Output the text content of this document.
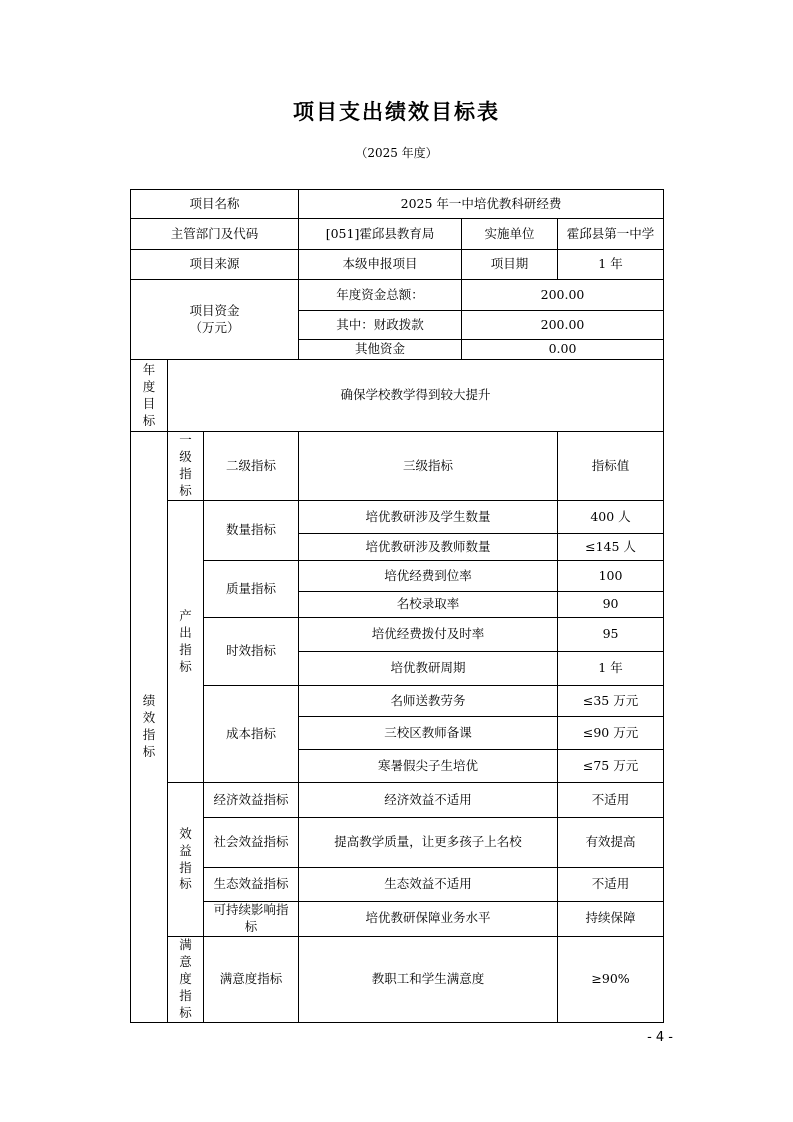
项目支出绩效目标表
（2025 年度）
项目名称			2025 年一中培优教科研经费		
主管部门及代码			[051]霍邱县教育局	实施单位	霍邱县第一中学
项目来源			本级申报项目	项目期	1 年
项目资金（万元）			年度资金总额：	200.00	
			其中：财政拨款	200.00	
			其他资金	0.00	
年度目标	确保学校教学得到较大提升				
绩效指标	一级指标	二级指标	三级指标		指标值
	产出指标	数量指标	培优教研涉及学生数量		400 人
			培优教研涉及教师数量		≤145 人
		质量指标	培优经费到位率		100
			名校录取率		90
		时效指标	培优经费拨付及时率		95
			培优教研周期		1 年
		成本指标	名师送教劳务		≤35 万元
			三校区教师备课		≤90 万元
			寒暑假尖子生培优		≤75 万元
	效益指标	经济效益指标	经济效益不适用		不适用
		社会效益指标	提高教学质量，让更多孩子上名校		有效提高
		生态效益指标	生态效益不适用		不适用
		可持续影响指标	培优教研保障业务水平		持续保障
	满意度指标	满意度指标	教职工和学生满意度		≥90%
- 4 -
